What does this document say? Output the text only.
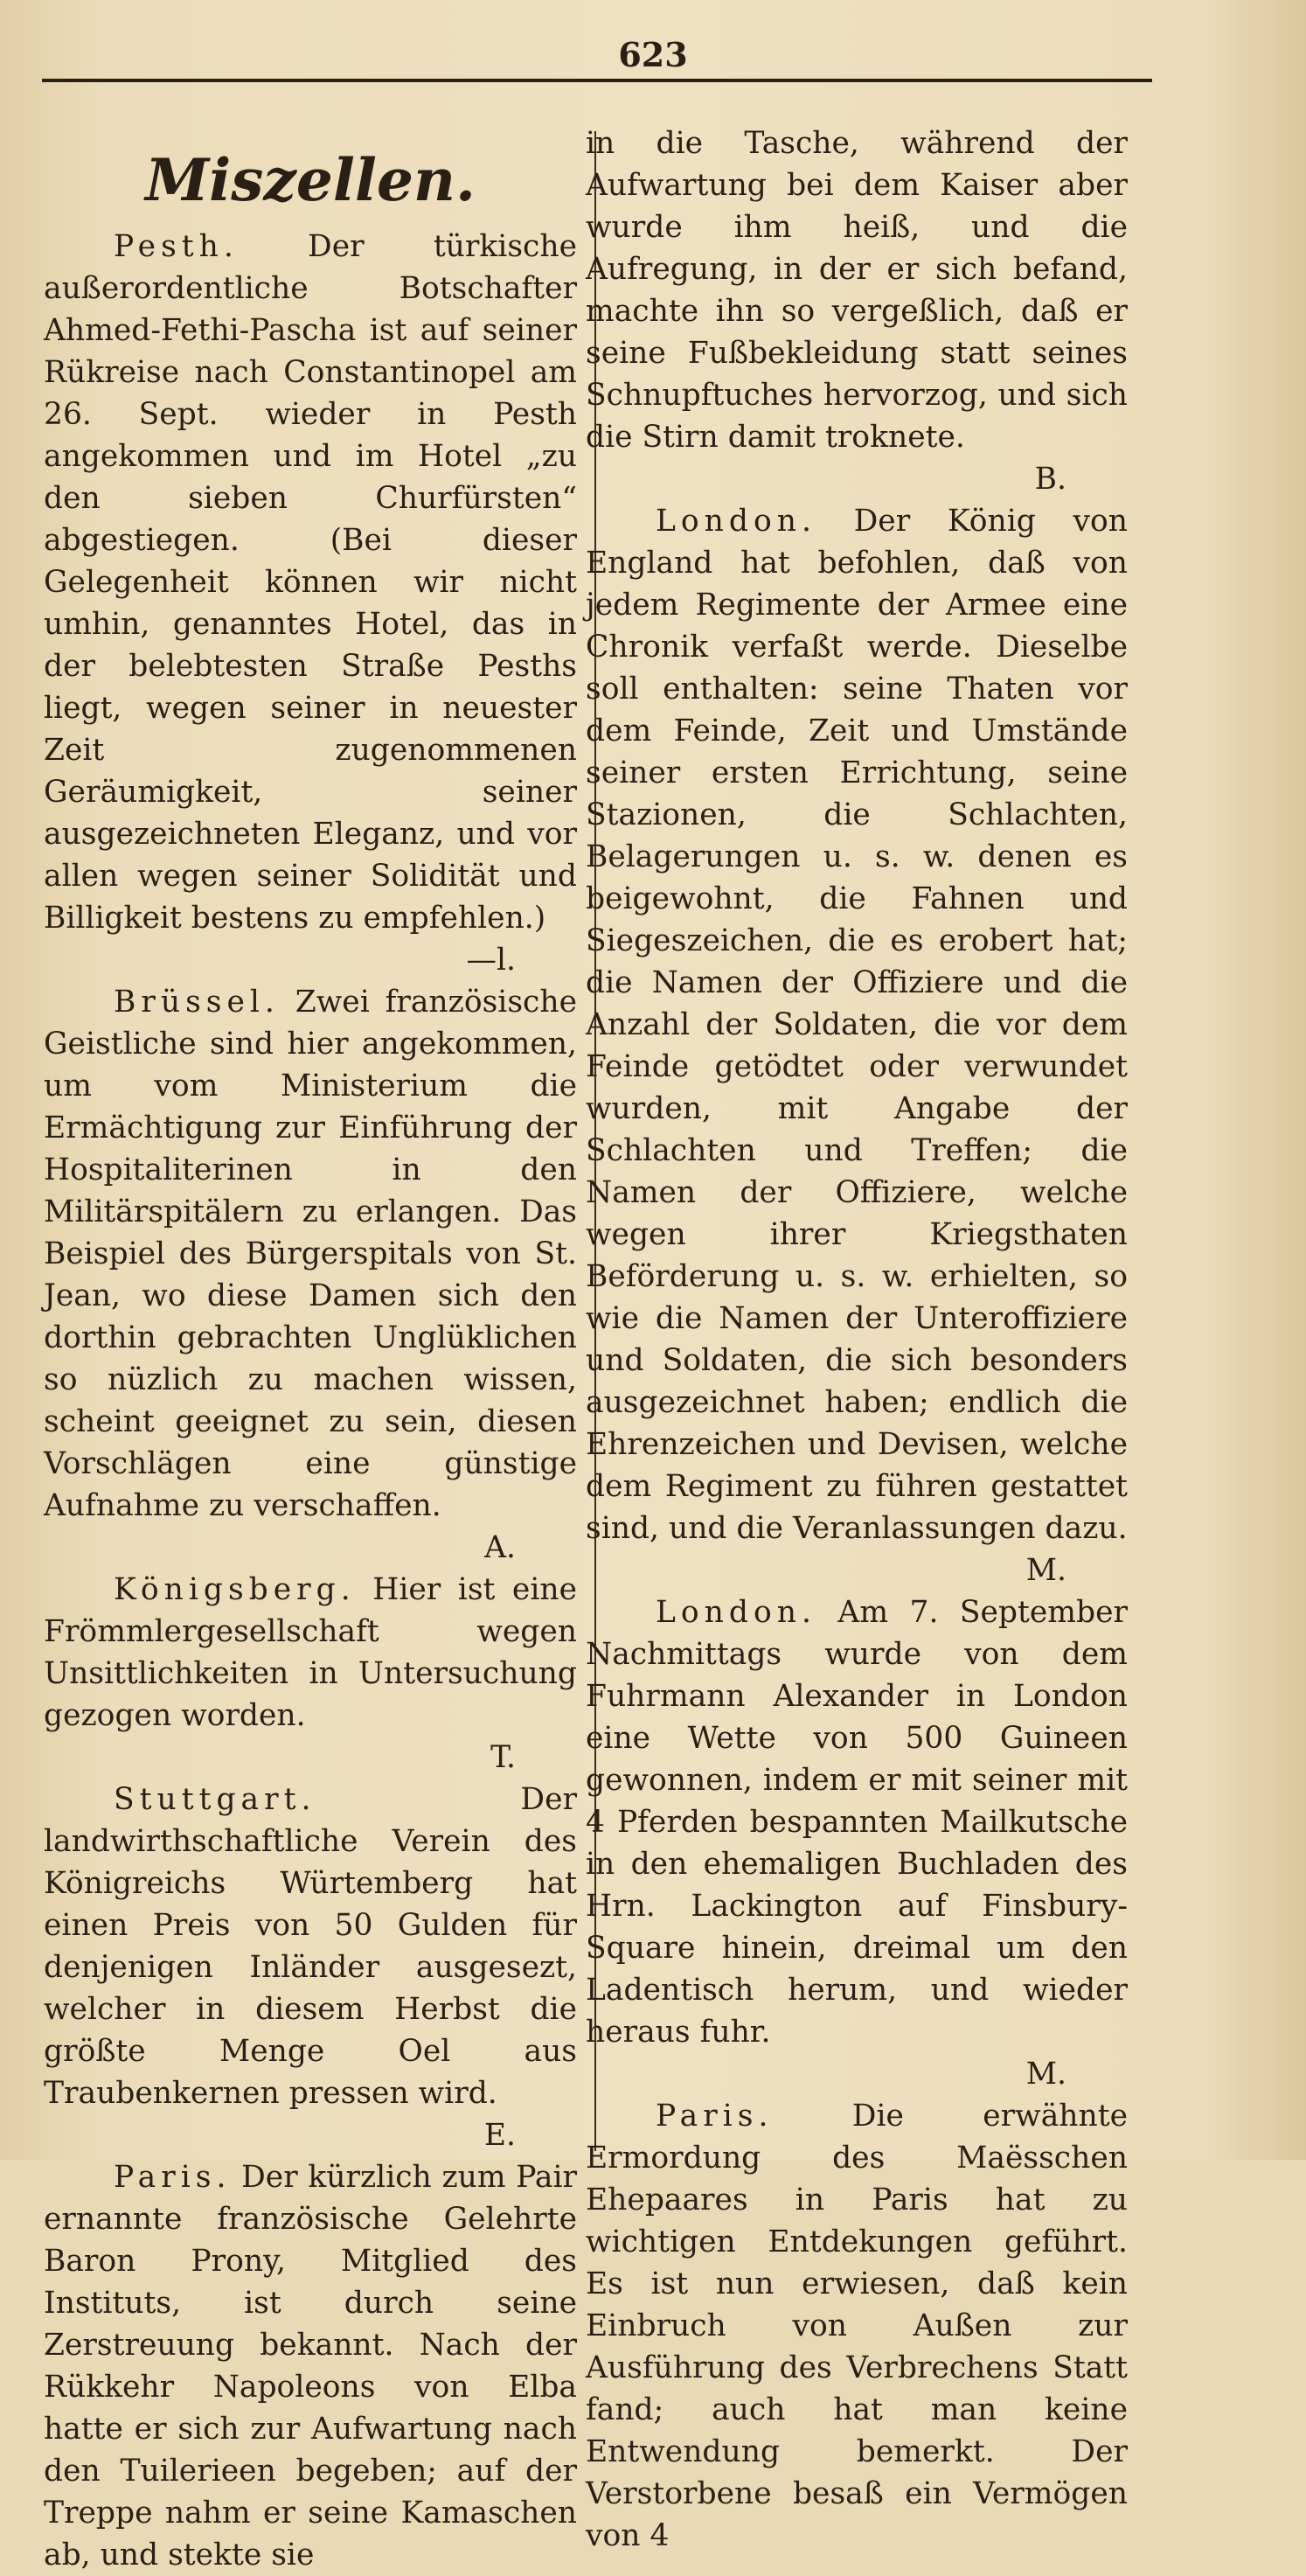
623
Miszellen.

Pesth. Der türkische außerordentliche Botschafter Ahmed-Fethi-Pascha ist auf seiner Rükreise nach Constantinopel am 26. Sept. wieder in Pesth angekommen und im Hotel „zu den sieben Churfürsten“ abgestiegen. (Bei dieser Gelegenheit können wir nicht umhin, genanntes Hotel, das in der belebtesten Straße Pesths liegt, wegen seiner in neuester Zeit zugenommenen Geräumigkeit, seiner ausgezeichneten Eleganz, und vor allen wegen seiner Solidität und Billigkeit bestens zu empfehlen.)

—l.

Brüssel. Zwei französische Geistliche sind hier angekommen, um vom Ministerium die Ermächtigung zur Einführung der Hospitaliterinen in den Militärspitälern zu erlangen. Das Beispiel des Bürgerspitals von St. Jean, wo diese Damen sich den dorthin gebrachten Unglüklichen so nüzlich zu machen wissen, scheint geeignet zu sein, diesen Vorschlägen eine günstige Aufnahme zu verschaffen.

A.

Königsberg. Hier ist eine Frömmlergesellschaft wegen Unsittlichkeiten in Untersuchung gezogen worden.

T.

Stuttgart.	Der landwirthschaftliche Verein des Königreichs Würtemberg hat einen Preis von 50 Gulden für denjenigen Inländer ausgesezt, welcher in diesem Herbst die größte Menge Oel aus Traubenkernen pressen wird.

E.

Paris. Der kürzlich zum Pair ernannte französische Gelehrte Baron Prony, Mitglied des Instituts, ist durch seine Zerstreuung bekannt. Nach der Rükkehr Napoleons von Elba hatte er sich zur Aufwartung nach den Tuilerieen begeben; auf der Treppe nahm er seine Kamaschen ab, und stekte sie

in die Tasche, während der Aufwartung bei dem Kaiser aber wurde ihm heiß, und die Aufregung, in der er sich befand, machte ihn so vergeßlich, daß er seine Fußbekleidung statt seines Schnupftuches hervorzog, und sich die Stirn damit troknete.

B.

London. Der König von England hat befohlen, daß von jedem Regimente der Armee eine Chronik verfaßt werde. Dieselbe soll enthalten: seine Thaten vor dem Feinde, Zeit und Umstände seiner ersten Errichtung, seine Stazionen, die Schlachten, Belagerungen u. s. w. denen es beigewohnt, die Fahnen und Siegeszeichen, die es erobert hat; die Namen der Offiziere und die Anzahl der Soldaten, die vor dem Feinde getödtet oder verwundet wurden, mit Angabe der Schlachten und Treffen; die Namen der Offiziere, welche wegen ihrer Kriegsthaten Beförderung u. s. w. erhielten, so wie die Namen der Unteroffiziere und Soldaten, die sich besonders ausgezeichnet haben; endlich die Ehrenzeichen und Devisen, welche dem Regiment zu führen gestattet sind, und die Veranlassungen dazu.

M.

London. Am 7. September Nachmittags wurde von dem Fuhrmann Alexander in London eine Wette von 500 Guineen gewonnen, indem er mit seiner mit 4 Pferden bespannten Mailkutsche in den ehemaligen Buchladen des Hrn. Lackington auf Finsbury-Square hinein, dreimal um den Ladentisch herum, und wieder heraus fuhr.

M.

Paris.	Die erwähnte Ermordung des Maësschen Ehepaares in Paris hat zu wichtigen Entdekungen geführt. Es ist nun erwiesen, daß kein Einbruch von Außen zur Ausführung des Verbrechens Statt fand; auch hat man keine Entwendung bemerkt. Der Verstorbene besaß ein Vermögen von 4
